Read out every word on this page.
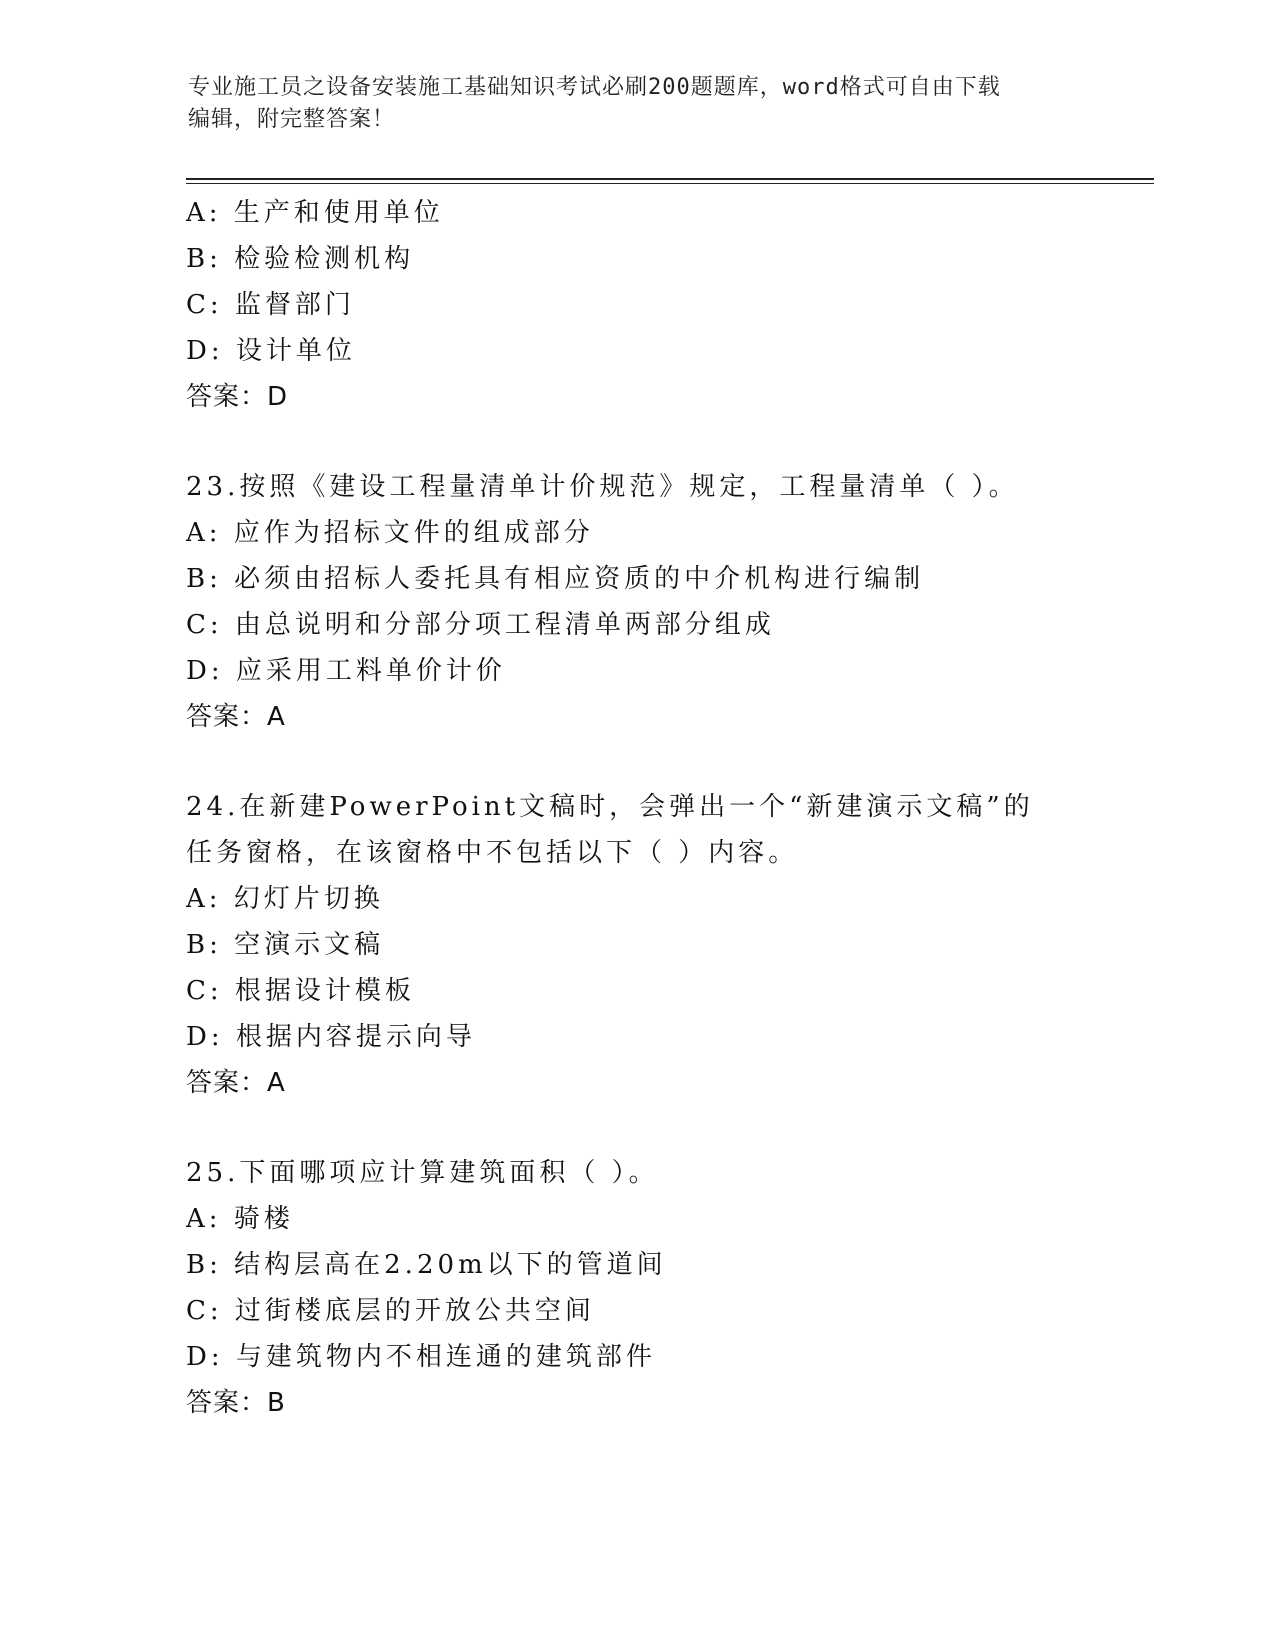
专业施工员之设备安装施工基础知识考试必刷200题题库，word格式可自由下载
编辑，附完整答案！
A: 生产和使用单位
B: 检验检测机构
C: 监督部门
D: 设计单位
答案：D
23.按照《建设工程量清单计价规范》规定，工程量清单（ ）。
A: 应作为招标文件的组成部分
B: 必须由招标人委托具有相应资质的中介机构进行编制
C: 由总说明和分部分项工程清单两部分组成
D: 应采用工料单价计价
答案：A
24.在新建PowerPoint文稿时，会弹出一个“新建演示文稿”的任务窗格，在该窗格中不包括以下（ ）内容。
A: 幻灯片切换
B: 空演示文稿
C: 根据设计模板
D: 根据内容提示向导
答案：A
25.下面哪项应计算建筑面积（ ）。
A: 骑楼
B: 结构层高在2.20m以下的管道间
C: 过街楼底层的开放公共空间
D: 与建筑物内不相连通的建筑部件
答案：B
